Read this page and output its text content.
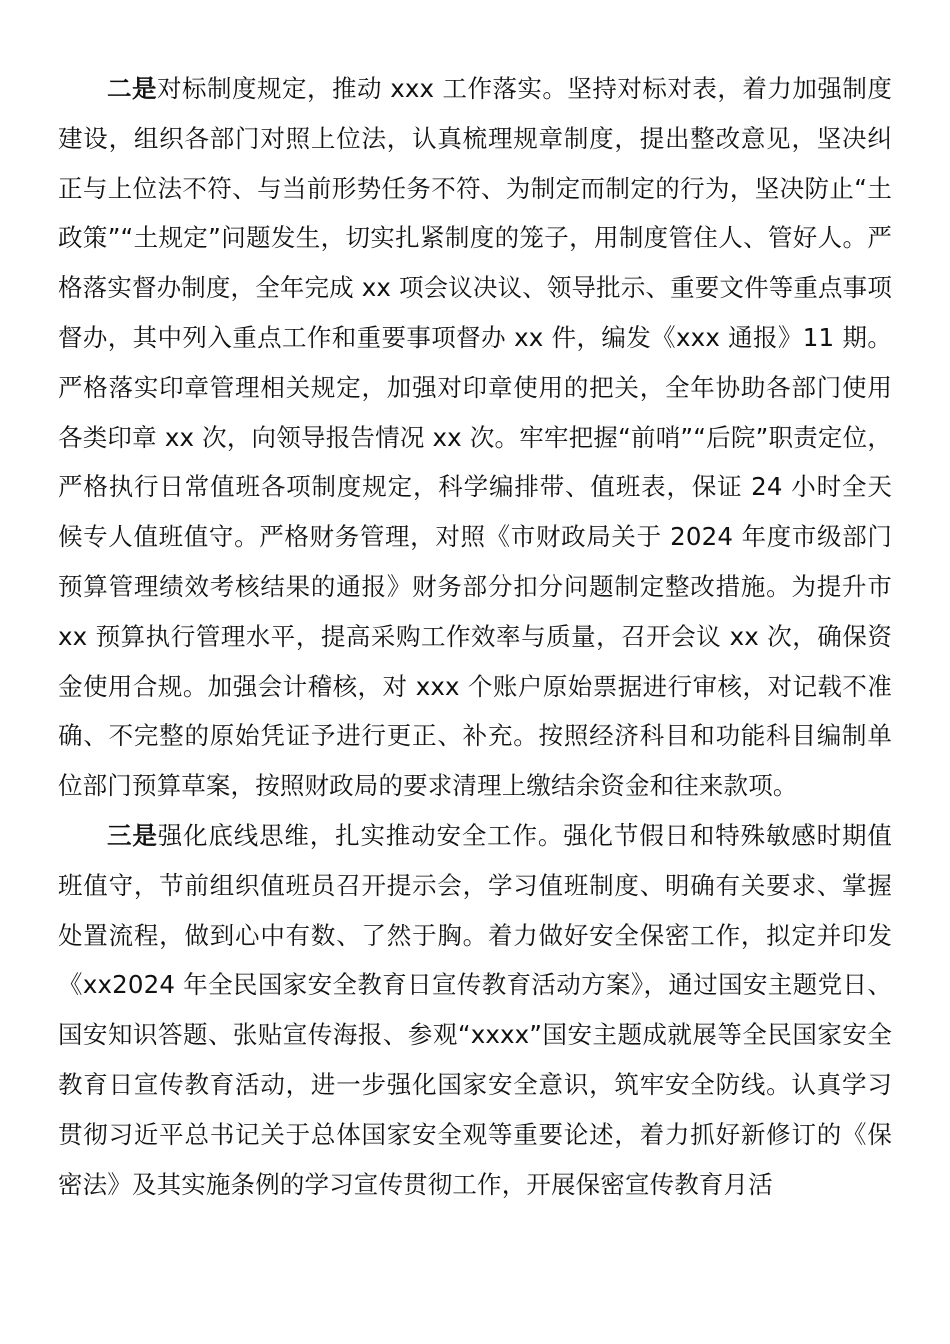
二是对标制度规定，推动 xxx 工作落实。坚持对标对表，着力加强制度建设，组织各部门对照上位法，认真梳理规章制度，提出整改意见，坚决纠正与上位法不符、与当前形势任务不符、为制定而制定的行为，坚决防止“土政策”“土规定”问题发生，切实扎紧制度的笼子，用制度管住人、管好人。严格落实督办制度，全年完成 xx 项会议决议、领导批示、重要文件等重点事项督办，其中列入重点工作和重要事项督办 xx 件，编发《xxx 通报》11 期。严格落实印章管理相关规定，加强对印章使用的把关，全年协助各部门使用各类印章 xx 次，向领导报告情况 xx 次。牢牢把握“前哨”“后院”职责定位，严格执行日常值班各项制度规定，科学编排带、值班表，保证 24 小时全天候专人值班值守。严格财务管理，对照《市财政局关于 2024 年度市级部门预算管理绩效考核结果的通报》财务部分扣分问题制定整改措施。为提升市 xx 预算执行管理水平，提高采购工作效率与质量，召开会议 xx 次，确保资金使用合规。加强会计稽核，对 xxx 个账户原始票据进行审核，对记载不准确、不完整的原始凭证予进行更正、补充。按照经济科目和功能科目编制单位部门预算草案，按照财政局的要求清理上缴结余资金和往来款项。

三是强化底线思维，扎实推动安全工作。强化节假日和特殊敏感时期值班值守，节前组织值班员召开提示会，学习值班制度、明确有关要求、掌握处置流程，做到心中有数、了然于胸。着力做好安全保密工作，拟定并印发《xx2024 年全民国家安全教育日宣传教育活动方案》，通过国安主题党日、国安知识答题、张贴宣传海报、参观“xxxx”国安主题成就展等全民国家安全教育日宣传教育活动，进一步强化国家安全意识，筑牢安全防线。认真学习贯彻习近平总书记关于总体国家安全观等重要论述，着力抓好新修订的《保密法》及其实施条例的学习宣传贯彻工作，开展保密宣传教育月活
